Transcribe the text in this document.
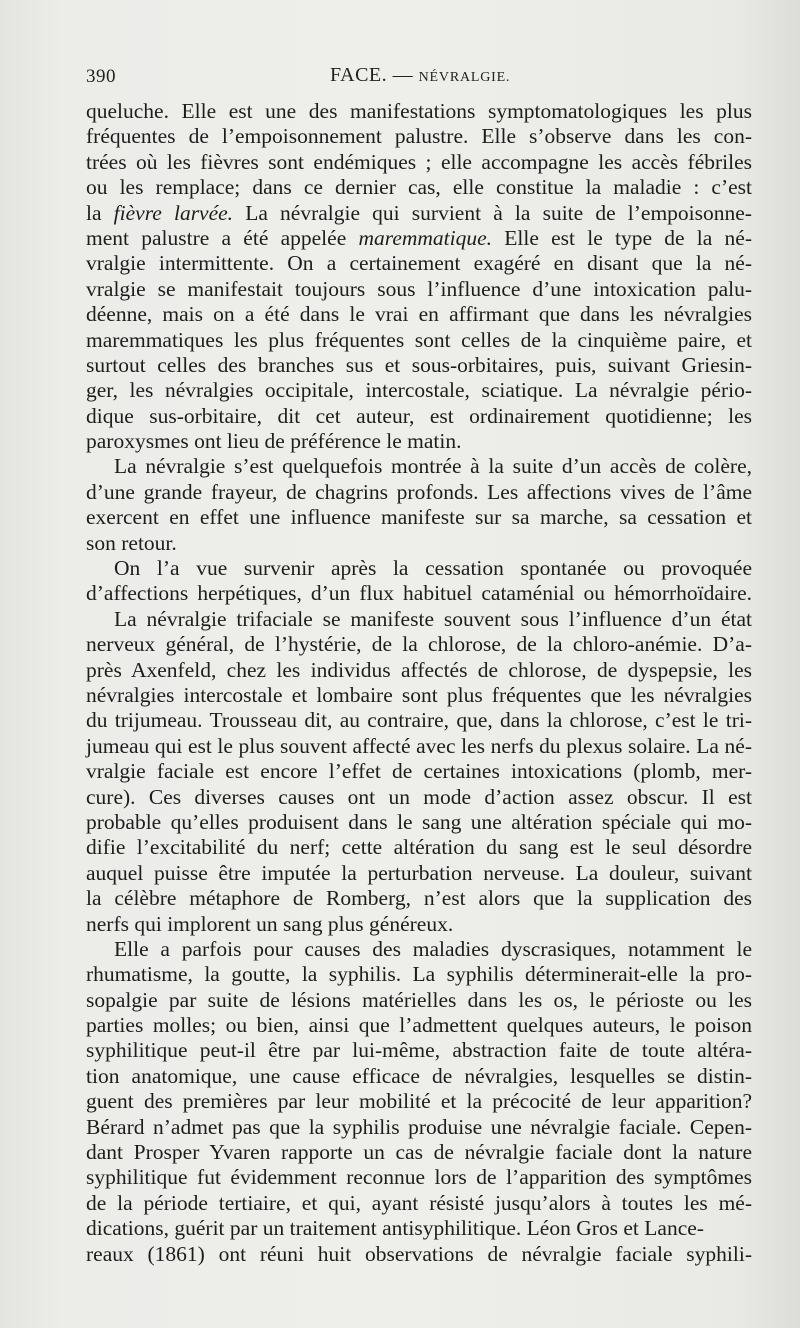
390	FACE. — NÉVRALGIE.
queluche. Elle est une des manifestations symptomatologiques les plus
fréquentes de l’empoisonnement palustre. Elle s’observe dans les con-
trées où les fièvres sont endémiques ; elle accompagne les accès fébriles
ou les remplace; dans ce dernier cas, elle constitue la maladie : c’est
la fièvre larvée. La névralgie qui survient à la suite de l’empoisonne-
ment palustre a été appelée maremmatique. Elle est le type de la né-
vralgie intermittente. On a certainement exagéré en disant que la né-
vralgie se manifestait toujours sous l’influence d’une intoxication palu-
déenne, mais on a été dans le vrai en affirmant que dans les névralgies
maremmatiques les plus fréquentes sont celles de la cinquième paire, et
surtout celles des branches sus et sous-orbitaires, puis, suivant Griesin-
ger, les névralgies occipitale, intercostale, sciatique. La névralgie pério-
dique sus-orbitaire, dit cet auteur, est ordinairement quotidienne; les
paroxysmes ont lieu de préférence le matin.
La névralgie s’est quelquefois montrée à la suite d’un accès de colère,
d’une grande frayeur, de chagrins profonds. Les affections vives de l’âme
exercent en effet une influence manifeste sur sa marche, sa cessation et
son retour.
On l’a vue survenir après la cessation spontanée ou provoquée
d’affections herpétiques, d’un flux habituel cataménial ou hémorrhoïdaire.
La névralgie trifaciale se manifeste souvent sous l’influence d’un état
nerveux général, de l’hystérie, de la chlorose, de la chloro-anémie. D’a-
près Axenfeld, chez les individus affectés de chlorose, de dyspepsie, les
névralgies intercostale et lombaire sont plus fréquentes que les névralgies
du trijumeau. Trousseau dit, au contraire, que, dans la chlorose, c’est le tri-
jumeau qui est le plus souvent affecté avec les nerfs du plexus solaire. La né-
vralgie faciale est encore l’effet de certaines intoxications (plomb, mer-
cure). Ces diverses causes ont un mode d’action assez obscur. Il est
probable qu’elles produisent dans le sang une altération spéciale qui mo-
difie l’excitabilité du nerf; cette altération du sang est le seul désordre
auquel puisse être imputée la perturbation nerveuse. La douleur, suivant
la célèbre métaphore de Romberg, n’est alors que la supplication des
nerfs qui implorent un sang plus généreux.
Elle a parfois pour causes des maladies dyscrasiques, notamment le
rhumatisme, la goutte, la syphilis. La syphilis déterminerait-elle la pro-
sopalgie par suite de lésions matérielles dans les os, le périoste ou les
parties molles; ou bien, ainsi que l’admettent quelques auteurs, le poison
syphilitique peut-il être par lui-même, abstraction faite de toute altéra-
tion anatomique, une cause efficace de névralgies, lesquelles se distin-
guent des premières par leur mobilité et la précocité de leur apparition?
Bérard n’admet pas que la syphilis produise une névralgie faciale. Cepen-
dant Prosper Yvaren rapporte un cas de névralgie faciale dont la nature
syphilitique fut évidemment reconnue lors de l’apparition des symptômes
de la période tertiaire, et qui, ayant résisté jusqu’alors à toutes les mé-
dications, guérit par un traitement antisyphilitique. Léon Gros et Lance-
reaux (1861) ont réuni huit observations de névralgie faciale syphili-
